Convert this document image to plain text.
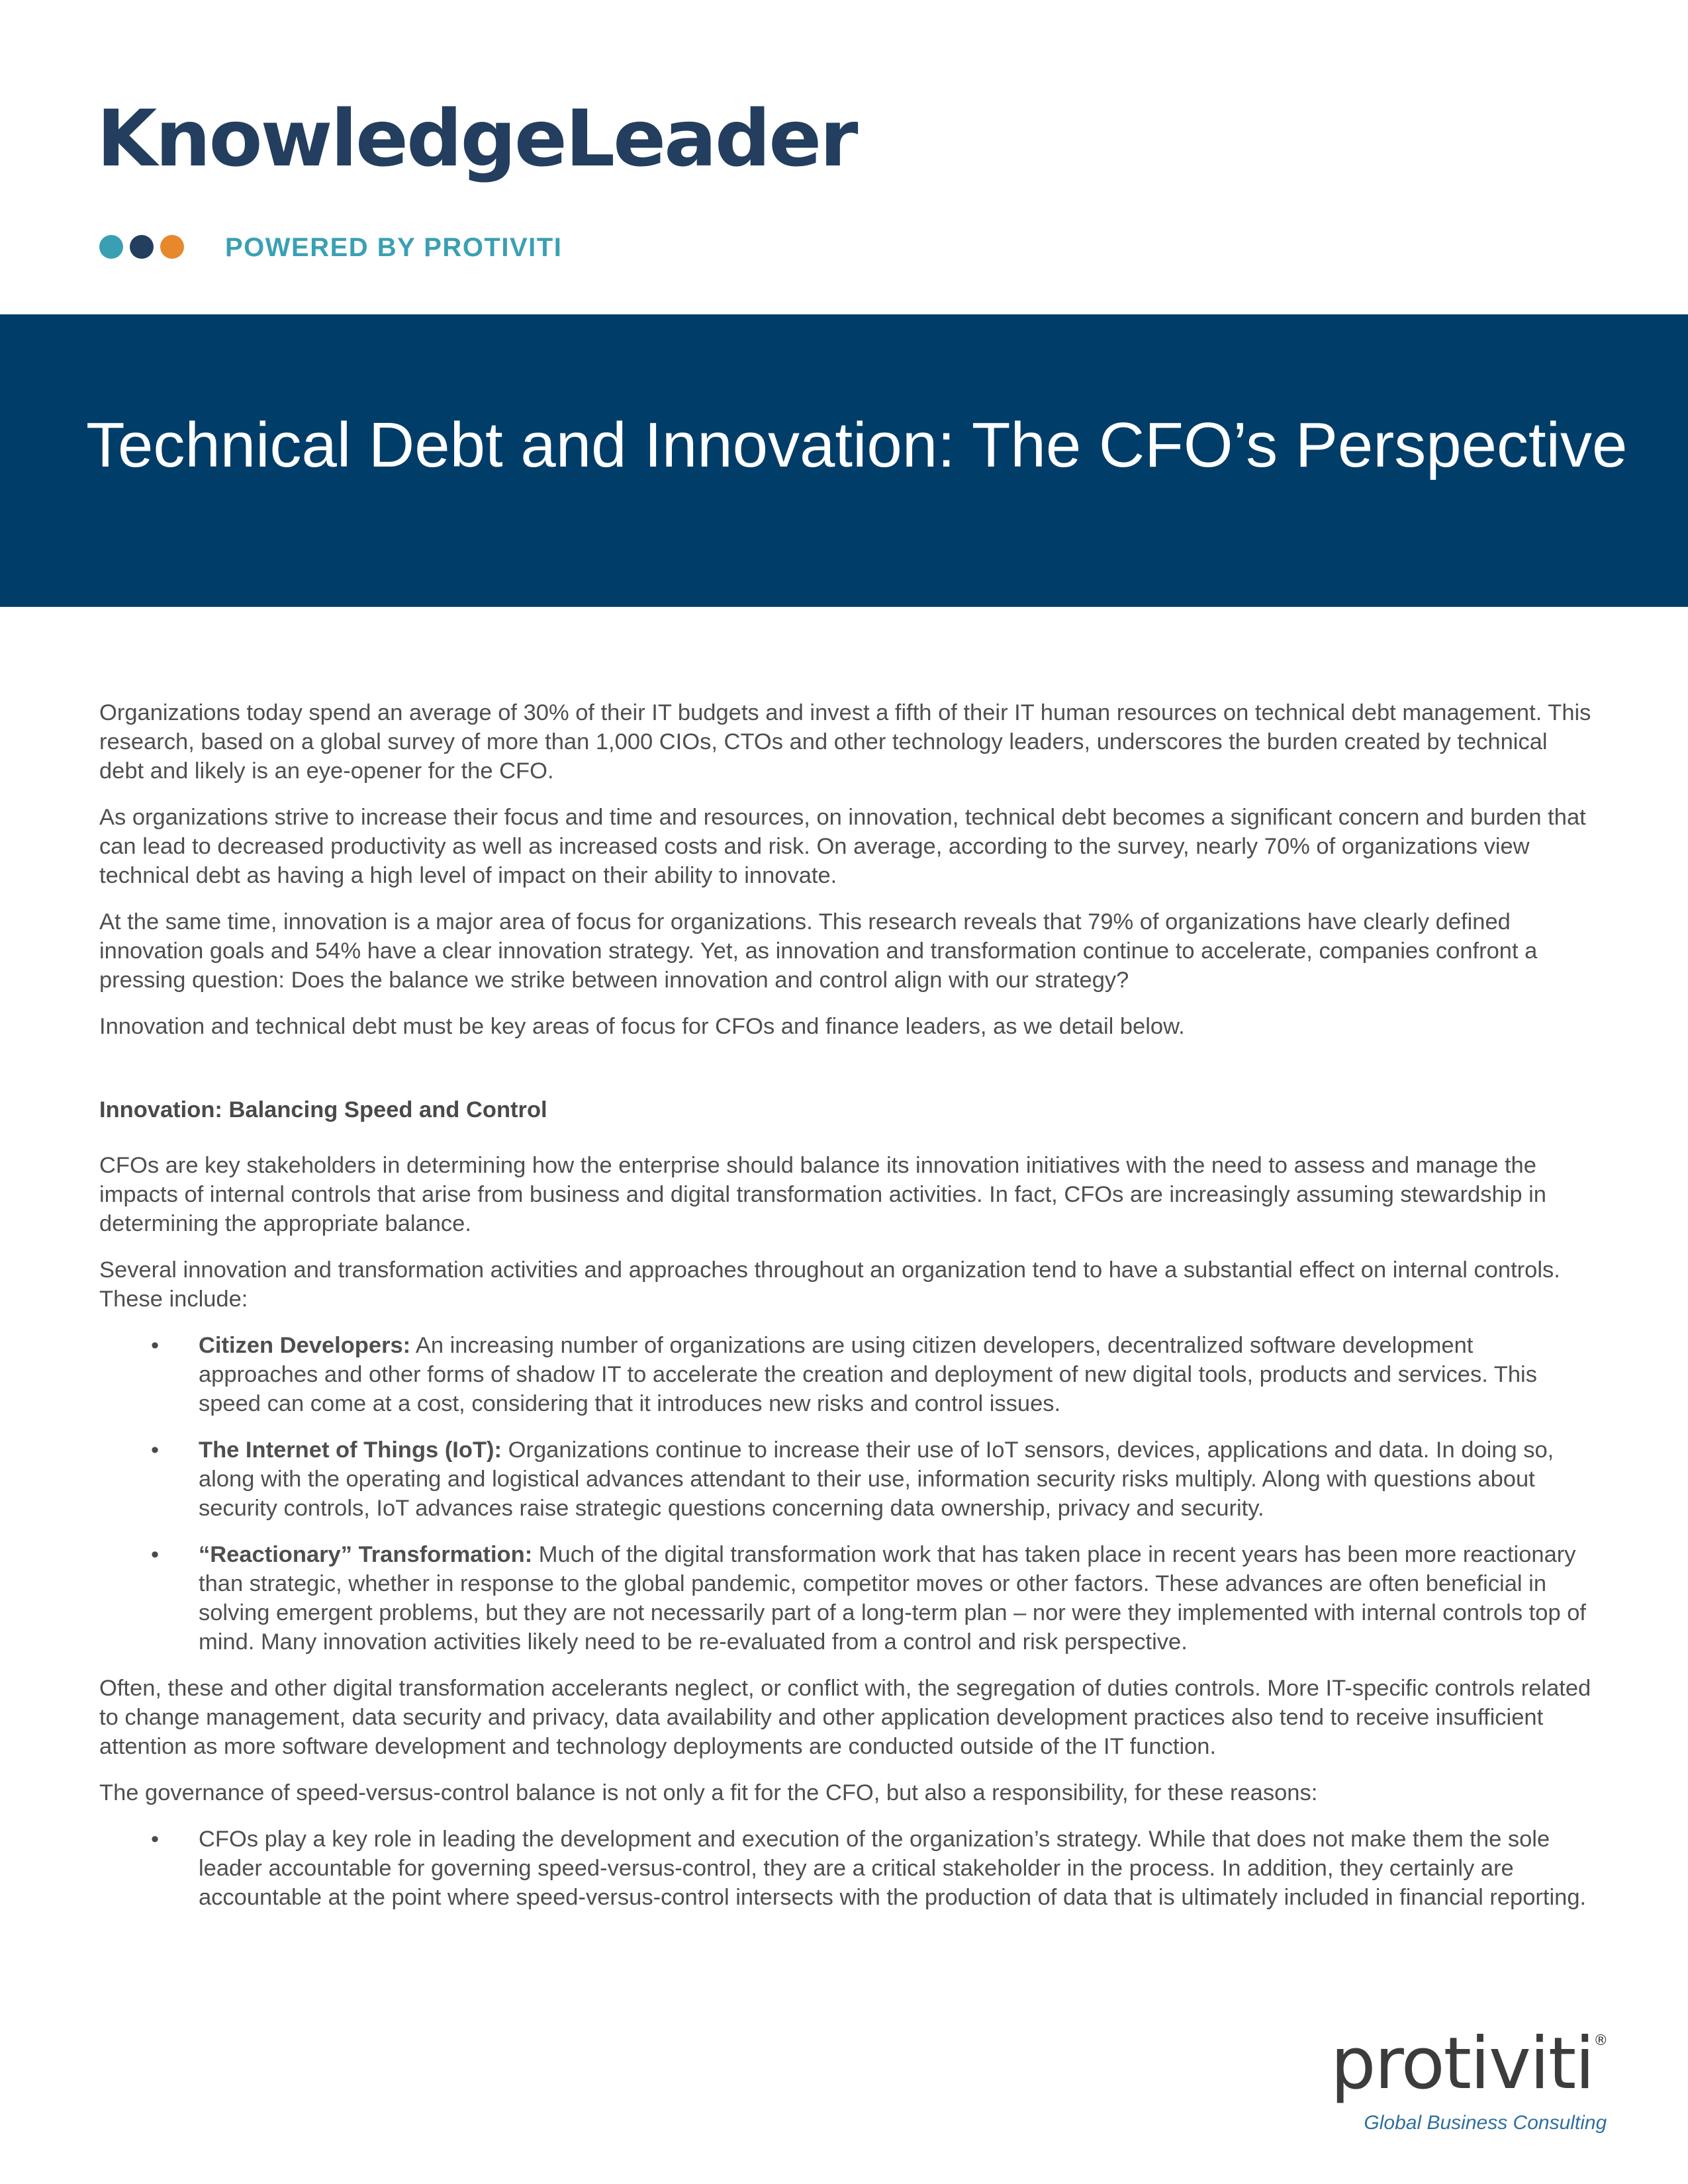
KnowledgeLeader
POWERED BY PROTIVITI
Technical Debt and Innovation: The CFO’s Perspective

Organizations today spend an average of 30% of their IT budgets and invest a fifth of their IT human resources on technical debt management. This research, based on a global survey of more than 1,000 CIOs, CTOs and other technology leaders, underscores the burden created by technical debt and likely is an eye-opener for the CFO.

As organizations strive to increase their focus and time and resources, on innovation, technical debt becomes a significant concern and burden that can lead to decreased productivity as well as increased costs and risk. On average, according to the survey, nearly 70% of organizations view technical debt as having a high level of impact on their ability to innovate.

At the same time, innovation is a major area of focus for organizations. This research reveals that 79% of organizations have clearly defined innovation goals and 54% have a clear innovation strategy. Yet, as innovation and transformation continue to accelerate, companies confront a pressing question: Does the balance we strike between innovation and control align with our strategy?

Innovation and technical debt must be key areas of focus for CFOs and finance leaders, as we detail below.

Innovation: Balancing Speed and Control

CFOs are key stakeholders in determining how the enterprise should balance its innovation initiatives with the need to assess and manage the impacts of internal controls that arise from business and digital transformation activities. In fact, CFOs are increasingly assuming stewardship in determining the appropriate balance.

Several innovation and transformation activities and approaches throughout an organization tend to have a substantial effect on internal controls. These include:

• Citizen Developers: An increasing number of organizations are using citizen developers, decentralized software development approaches and other forms of shadow IT to accelerate the creation and deployment of new digital tools, products and services. This speed can come at a cost, considering that it introduces new risks and control issues.
• The Internet of Things (IoT): Organizations continue to increase their use of IoT sensors, devices, applications and data. In doing so, along with the operating and logistical advances attendant to their use, information security risks multiply. Along with questions about security controls, IoT advances raise strategic questions concerning data ownership, privacy and security.
• “Reactionary” Transformation: Much of the digital transformation work that has taken place in recent years has been more reactionary than strategic, whether in response to the global pandemic, competitor moves or other factors. These advances are often beneficial in solving emergent problems, but they are not necessarily part of a long-term plan – nor were they implemented with internal controls top of mind. Many innovation activities likely need to be re-evaluated from a control and risk perspective.

Often, these and other digital transformation accelerants neglect, or conflict with, the segregation of duties controls. More IT-specific controls related to change management, data security and privacy, data availability and other application development practices also tend to receive insufficient attention as more software development and technology deployments are conducted outside of the IT function.

The governance of speed-versus-control balance is not only a fit for the CFO, but also a responsibility, for these reasons:

• CFOs play a key role in leading the development and execution of the organization’s strategy. While that does not make them the sole leader accountable for governing speed-versus-control, they are a critical stakeholder in the process. In addition, they certainly are accountable at the point where speed-versus-control intersects with the production of data that is ultimately included in financial reporting.
protiviti®
Global Business Consulting
